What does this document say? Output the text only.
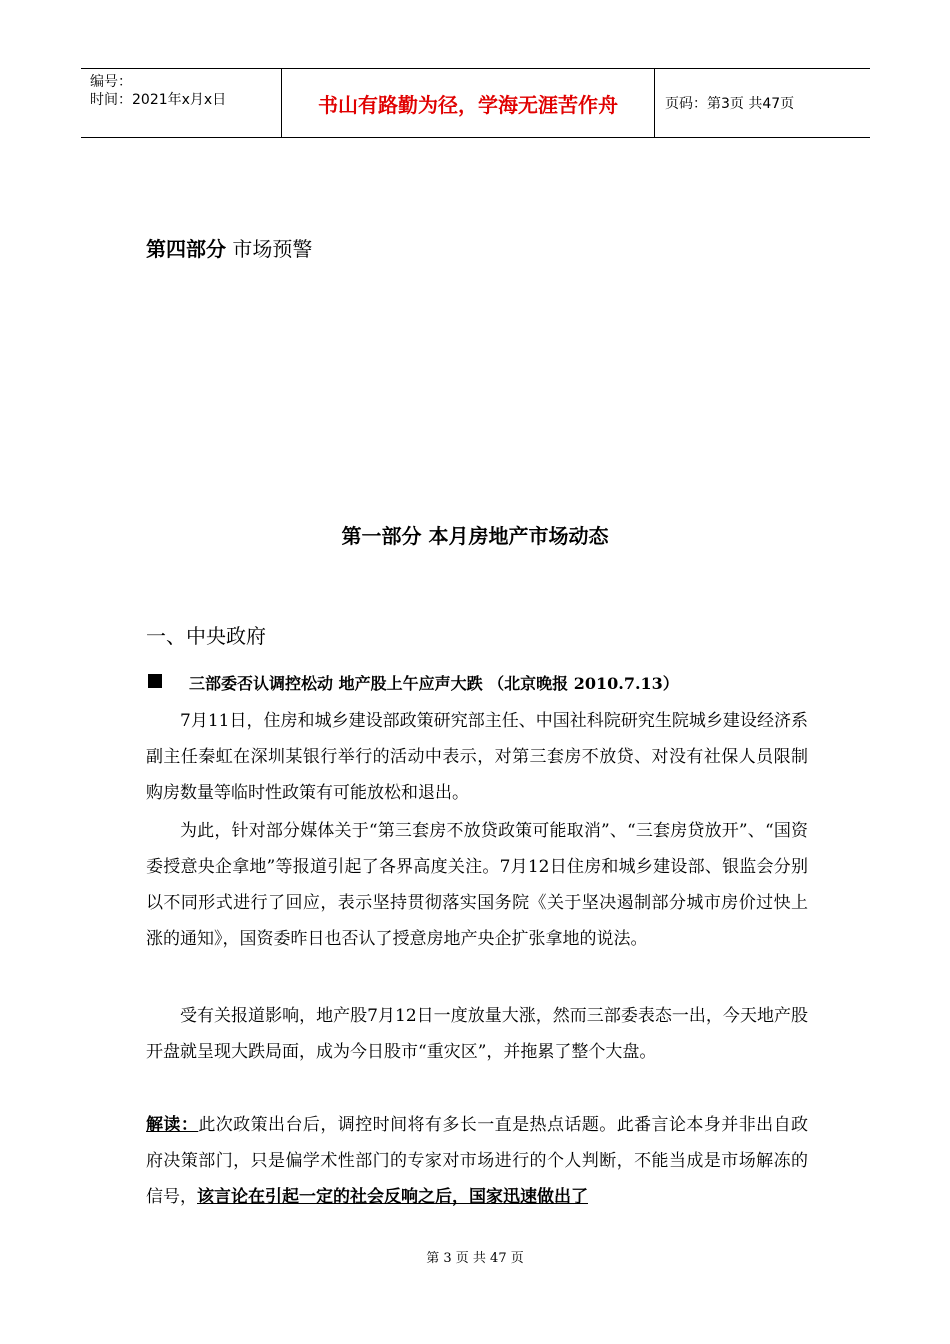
编号：
时间：2021年x月x日	书山有路勤为径，学海无涯苦作舟	页码：第3页 共47页
第四部分 市场预警
第一部分 本月房地产市场动态
一、中央政府
三部委否认调控松动 地产股上午应声大跌 （北京晚报 2010.7.13）
7月11日，住房和城乡建设部政策研究部主任、中国社科院研究生院城乡建设经济系副主任秦虹在深圳某银行举行的活动中表示，对第三套房不放贷、对没有社保人员限制购房数量等临时性政策有可能放松和退出。
为此，针对部分媒体关于“第三套房不放贷政策可能取消”、“三套房贷放开”、“国资委授意央企拿地”等报道引起了各界高度关注。7月12日住房和城乡建设部、银监会分别以不同形式进行了回应，表示坚持贯彻落实国务院《关于坚决遏制部分城市房价过快上涨的通知》，国资委昨日也否认了授意房地产央企扩张拿地的说法。
受有关报道影响，地产股7月12日一度放量大涨，然而三部委表态一出，今天地产股开盘就呈现大跌局面，成为今日股市“重灾区”，并拖累了整个大盘。
解读：此次政策出台后，调控时间将有多长一直是热点话题。此番言论本身并非出自政府决策部门，只是偏学术性部门的专家对市场进行的个人判断，不能当成是市场解冻的信号，该言论在引起一定的社会反响之后，国家迅速做出了
第 3 页 共 47 页
